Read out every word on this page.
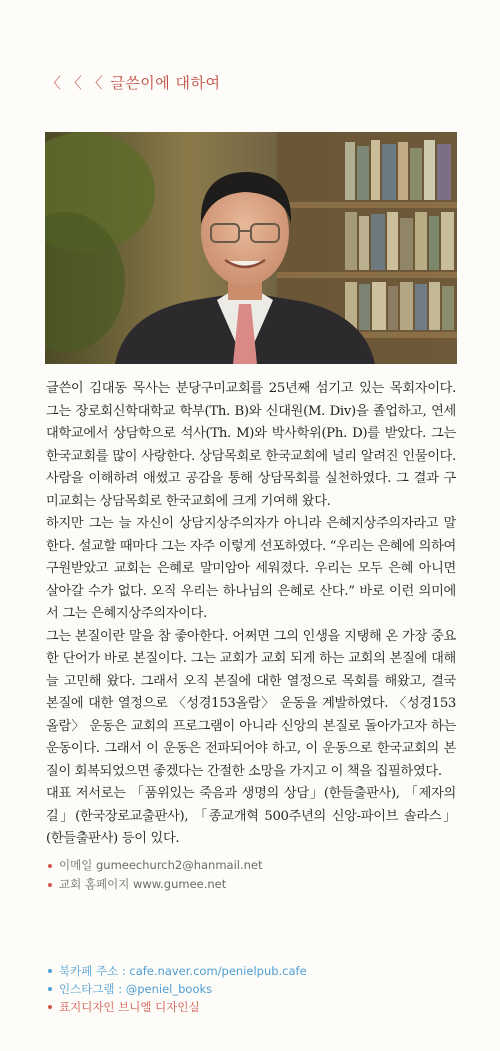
〈 〈 〈 글쓴이에 대하여

글쓴이 김대동 목사는 분당구미교회를 25년째 섬기고 있는 목회자이다. 그는 장로회신학대학교 학부(Th. B)와 신대원(M. Div)을 졸업하고, 연세대학교에서 상담학으로 석사(Th. M)와 박사학위(Ph. D)를 받았다. 그는 한국교회를 많이 사랑한다. 상담목회로 한국교회에 널리 알려진 인물이다. 사람을 이해하려 애썼고 공감을 통해 상담목회를 실천하였다. 그 결과 구미교회는 상담목회로 한국교회에 크게 기여해 왔다.

하지만 그는 늘 자신이 상담지상주의자가 아니라 은혜지상주의자라고 말한다. 설교할 때마다 그는 자주 이렇게 선포하였다. “우리는 은혜에 의하여 구원받았고 교회는 은혜로 말미암아 세워졌다. 우리는 모두 은혜 아니면 살아갈 수가 없다. 오직 우리는 하나님의 은혜로 산다.” 바로 이런 의미에서 그는 은혜지상주의자이다.

그는 본질이란 말을 참 좋아한다. 어쩌면 그의 인생을 지탱해 온 가장 중요한 단어가 바로 본질이다. 그는 교회가 교회 되게 하는 교회의 본질에 대해 늘 고민해 왔다. 그래서 오직 본질에 대한 열정으로 목회를 해왔고, 결국 본질에 대한 열정으로 〈성경153올람〉 운동을 계발하였다. 〈성경153올람〉 운동은 교회의 프로그램이 아니라 신앙의 본질로 돌아가고자 하는 운동이다. 그래서 이 운동은 전파되어야 하고, 이 운동으로 한국교회의 본질이 회복되었으면 좋겠다는 간절한 소망을 가지고 이 책을 집필하였다.

대표 저서로는 「품위있는 죽음과 생명의 상담」(한들출판사), 「제자의 길」(한국장로교출판사), 「종교개혁 500주년의 신앙-파이브 솔라스」(한들출판사) 등이 있다.

이메일 gumeechurch2@hanmail.net
교회 홈페이지 www.gumee.net
북카페 주소 : cafe.naver.com/penielpub.cafe
인스타그램 : @peniel_books
표지디자인 브니엘 디자인실
